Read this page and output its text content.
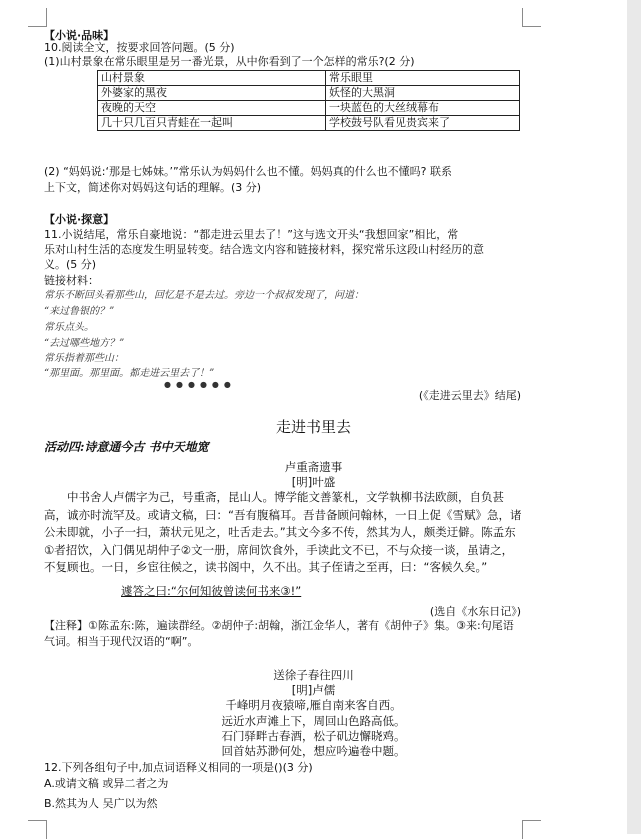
【小说·品味】
10.阅读全文，按要求回答问题。(5 分)
(1)山村景象在常乐眼里是另一番光景，从中你看到了一个怎样的常乐?(2 分)
山村景象	常乐眼里
外婆家的黑夜	妖怪的大黑洞
夜晚的天空	一块蓝色的大丝绒幕布
几十只几百只青蛙在一起叫	学校鼓号队看见贵宾来了
(2) “妈妈说:‘那是七姊妹。’”常乐认为妈妈什么也不懂。妈妈真的什么也不懂吗? 联系
上下文，简述你对妈妈这句话的理解。(3 分)
【小说·探意】
11.小说结尾，常乐自豪地说：“都走进云里去了！”这与选文开头“我想回家”相比，常
乐对山村生活的态度发生明显转变。结合选文内容和链接材料，探究常乐这段山村经历的意
义。(5 分)
链接材料：
常乐不断回头看那些山，回忆是不是去过。旁边一个叔叔发现了，问道：
“来过鲁银的？”
常乐点头。
“去过哪些地方？”
常乐指着那些山：
“那里面。那里面。都走进云里去了！”
●●●●●●
(《走进云里去》结尾)
走进书里去
活动四:诗意通今古 书中天地宽
卢重斋遗事
[明]叶盛
中书舍人卢儒字为己，号重斋，昆山人。博学能文善篆札，文学執柳书法欧颜，自负甚高，诚亦时流罕及。或请文稿，曰：“吾有腹稿耳。吾昔备顾问翰林，一日上促《雪赋》急，诸公未即就，小子一扫，萧状元见之，吐舌走去。”其文今多不传，然其为人，颇类迂僻。陈孟东①者招饮，入门偶见胡仲子②文一册，席间饮食外，手读此文不已，不与众接一谈，虽请之，不复顾也。一日，乡宦往候之，读书阁中，久不出。其子侄请之至再，曰：“客候久矣。”
遽答之曰:“尔何知彼曾读何书来③!”
(选自《水东日记》)
【注释】①陈孟东:陈，遍读群经。②胡仲子:胡翰，浙江金华人，著有《胡仲子》集。③来:句尾语气词。相当于现代汉语的“啊”。
送徐子春往四川
[明]卢儒
千峰明月夜猿啼,雁自南来客自西。
远近水声滩上下，周回山色路高低。
石门驿畔古春酒，松子矶边懈晓鸡。
回首姑苏渺何处，想应吟遍卷中题。
12.下列各组句子中,加点词语释义相同的一项是()(3 分)
A.或请文稿 或异二者之为
B.然其为人 吴广以为然
